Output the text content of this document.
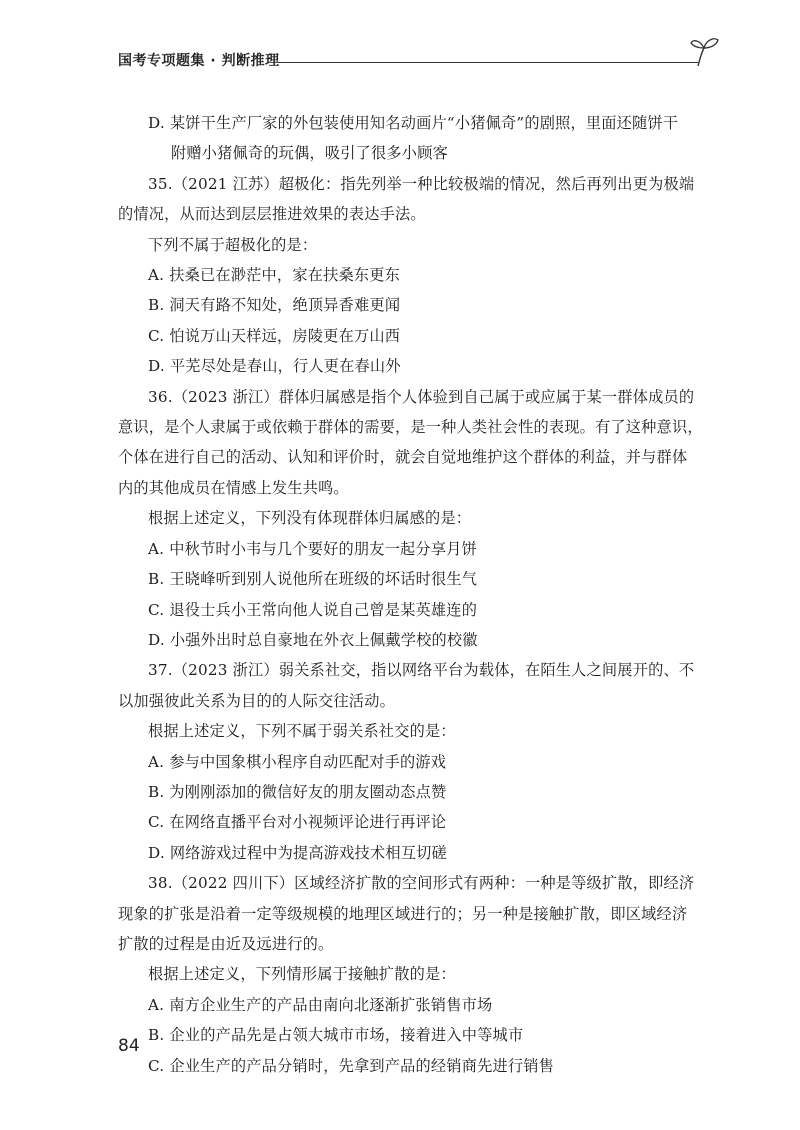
国考专项题集 · 判断推理

D. 某饼干生产厂家的外包装使用知名动画片“小猪佩奇”的剧照，里面还随饼干

附赠小猪佩奇的玩偶，吸引了很多小顾客

35.（2021 江苏）超极化：指先列举一种比较极端的情况，然后再列出更为极端

的情况，从而达到层层推进效果的表达手法。

下列不属于超极化的是：

A. 扶桑已在渺茫中，家在扶桑东更东

B. 洞天有路不知处，绝顶异香难更闻

C. 怕说万山天样远，房陵更在万山西

D. 平芜尽处是春山，行人更在春山外

36.（2023 浙江）群体归属感是指个人体验到自己属于或应属于某一群体成员的

意识，是个人隶属于或依赖于群体的需要，是一种人类社会性的表现。有了这种意识，

个体在进行自己的活动、认知和评价时，就会自觉地维护这个群体的利益，并与群体

内的其他成员在情感上发生共鸣。

根据上述定义，下列没有体现群体归属感的是：

A. 中秋节时小韦与几个要好的朋友一起分享月饼

B. 王晓峰听到别人说他所在班级的坏话时很生气

C. 退役士兵小王常向他人说自己曾是某英雄连的

D. 小强外出时总自豪地在外衣上佩戴学校的校徽

37.（2023 浙江）弱关系社交，指以网络平台为载体，在陌生人之间展开的、不

以加强彼此关系为目的的人际交往活动。

根据上述定义，下列不属于弱关系社交的是：

A. 参与中国象棋小程序自动匹配对手的游戏

B. 为刚刚添加的微信好友的朋友圈动态点赞

C. 在网络直播平台对小视频评论进行再评论

D. 网络游戏过程中为提高游戏技术相互切磋

38.（2022 四川下）区域经济扩散的空间形式有两种：一种是等级扩散，即经济

现象的扩张是沿着一定等级规模的地理区域进行的；另一种是接触扩散，即区域经济

扩散的过程是由近及远进行的。

根据上述定义，下列情形属于接触扩散的是：

A. 南方企业生产的产品由南向北逐渐扩张销售市场

B. 企业的产品先是占领大城市市场，接着进入中等城市

C. 企业生产的产品分销时，先拿到产品的经销商先进行销售

84
